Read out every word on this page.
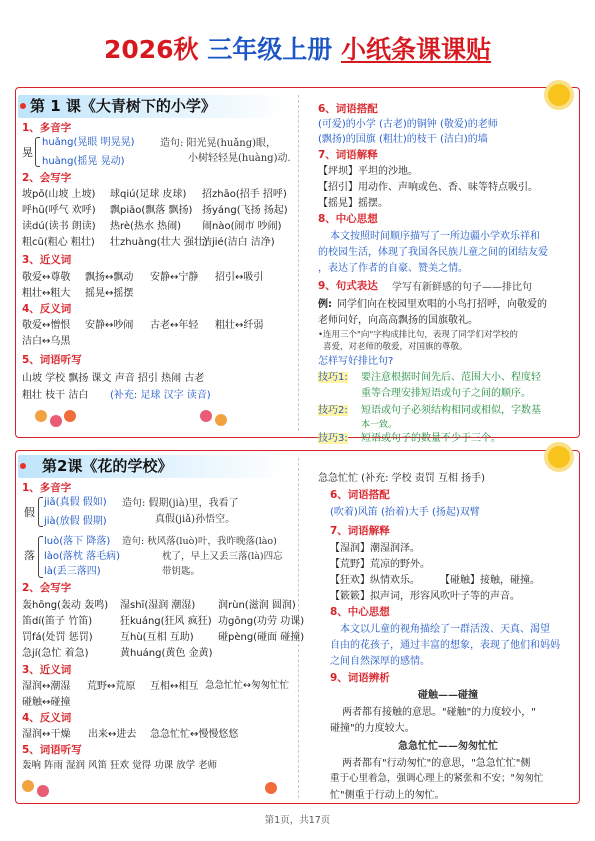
2026秋 三年级上册 小纸条课课贴
第 1 课《大青树下的小学》
1、多音字
晃
huǎng(晃眼 明晃晃)
huàng(摇晃 晃动)
造句: 阳光晃(huǎng)眼，
小树轻轻晃(huàng)动.
2、会写字
坡pō(山坡 上坡) 球qiú(足球 皮球) 招zhāo(招手 招呼)
呼hū(呼气 欢呼) 飘piāo(飘落 飘扬) 扬yáng(飞扬 扬起)
读dú(读书 朗读) 热rè(热水 热闹) 闹nào(闹市 吵闹)
粗cū(粗心 粗壮) 壮zhuàng(壮大 强壮)
洁jié(洁白 洁净)
3、近义词
敬爱↔尊敬 飘扬↔飘动 安静↔宁静 招引↔吸引
粗壮↔粗大 摇晃↔摇摆
4、反义词
敬爱↔憎恨 安静↔吵闹 古老↔年轻 粗壮↔纤弱
洁白↔乌黑
5、词语听写
山坡 学校 飘扬 课文 声音 招引 热闹 古老
粗壮 枝干 洁白 (补充: 足球 汉字 读音)
6、词语搭配
(可爱)的小学 (古老)的铜钟 (敬爱)的老师
(飘扬)的国旗 (粗壮)的枝干 (洁白)的墙
7、词语解释
【坪坝】平坦的沙地。
【招引】用动作、声响或色、香、味等特点吸引。
【摇晃】摇摆。
8、中心思想
本文按照时间顺序描写了一所边疆小学欢乐祥和
的校园生活，体现了我国各民族儿童之间的团结友爱
，表达了作者的自豪、赞美之情。
9、句式表达 学写有新鲜感的句子——排比句
例: 同学们向在校园里欢唱的小鸟打招呼，向敬爱的
老师问好，向高高飘扬的国旗敬礼。
•连用三个"向"字构成排比句，表现了同学们对学校的
喜爱，对老师的敬爱，对国旗的尊敬。
怎样写好排比句?
技巧1: 要注意根据时间先后、范围大小、程度轻
重等合理安排短语或句子之间的顺序。
技巧2: 短语或句子必须结构相同或相似，字数基
本一致。
技巧3: 短语或句子的数量不少于三个。
第2课《花的学校》
1、多音字
假
jiǎ(真假 假如)
jià(放假 假期)
造句: 假期(jià)里，我看了
真假(jiǎ)孙悟空。
落
luò(落下 降落)
lào(落枕 落毛病)
là(丢三落四)
造句: 秋风落(luò)叶，我昨晚落(lào)
枕了，早上又丢三落(là)四忘
带钥匙。
2、会写字
轰hōng(轰动 轰鸣) 湿shī(湿润 潮湿) 润rùn(滋润 圆润)
笛dí(笛子 竹笛)	狂kuáng(狂风 疯狂) 功gōng(功劳 功课)
罚fá(处罚 惩罚)	互hù(互相 互助) 碰pèng(碰面 碰撞)
急jí(急忙 着急)	黄huáng(黄色 金黄)
3、近义词
湿润↔潮湿 荒野↔荒原 互相↔相互 急急忙忙↔匆匆忙忙
碰触↔碰撞
4、反义词
湿润↔干燥 出来↔进去 急急忙忙↔慢慢悠悠
5、词语听写
轰响 阵雨 湿润 风笛 狂欢 觉得 功课 放学 老师
急急忙忙 (补充: 学校 责罚 互相 扬手)
6、词语搭配
(吹着)风笛 (抬着)大手 (扬起)双臂
7、词语解释
【湿润】潮湿润泽。
【荒野】荒凉的野外。
【狂欢】纵情欢乐。 【碰触】接触，碰撞。
【簌簌】拟声词，形容风吹叶子等的声音。
8、中心思想
本文以儿童的视角描绘了一群活泼、天真、渴望
自由的花孩子，通过丰富的想象，表现了他们和妈妈
之间自然深厚的感情。
9、词语辨析
碰触——碰撞
两者都有接触的意思。"碰触"的力度较小，"
碰撞"的力度较大。
急急忙忙——匆匆忙忙
两者都有"行动匆忙"的意思，"急急忙忙"侧
重于心里着急，强调心理上的紧张和不安；"匆匆忙
忙"侧重于行动上的匆忙。
第1页，共17页
